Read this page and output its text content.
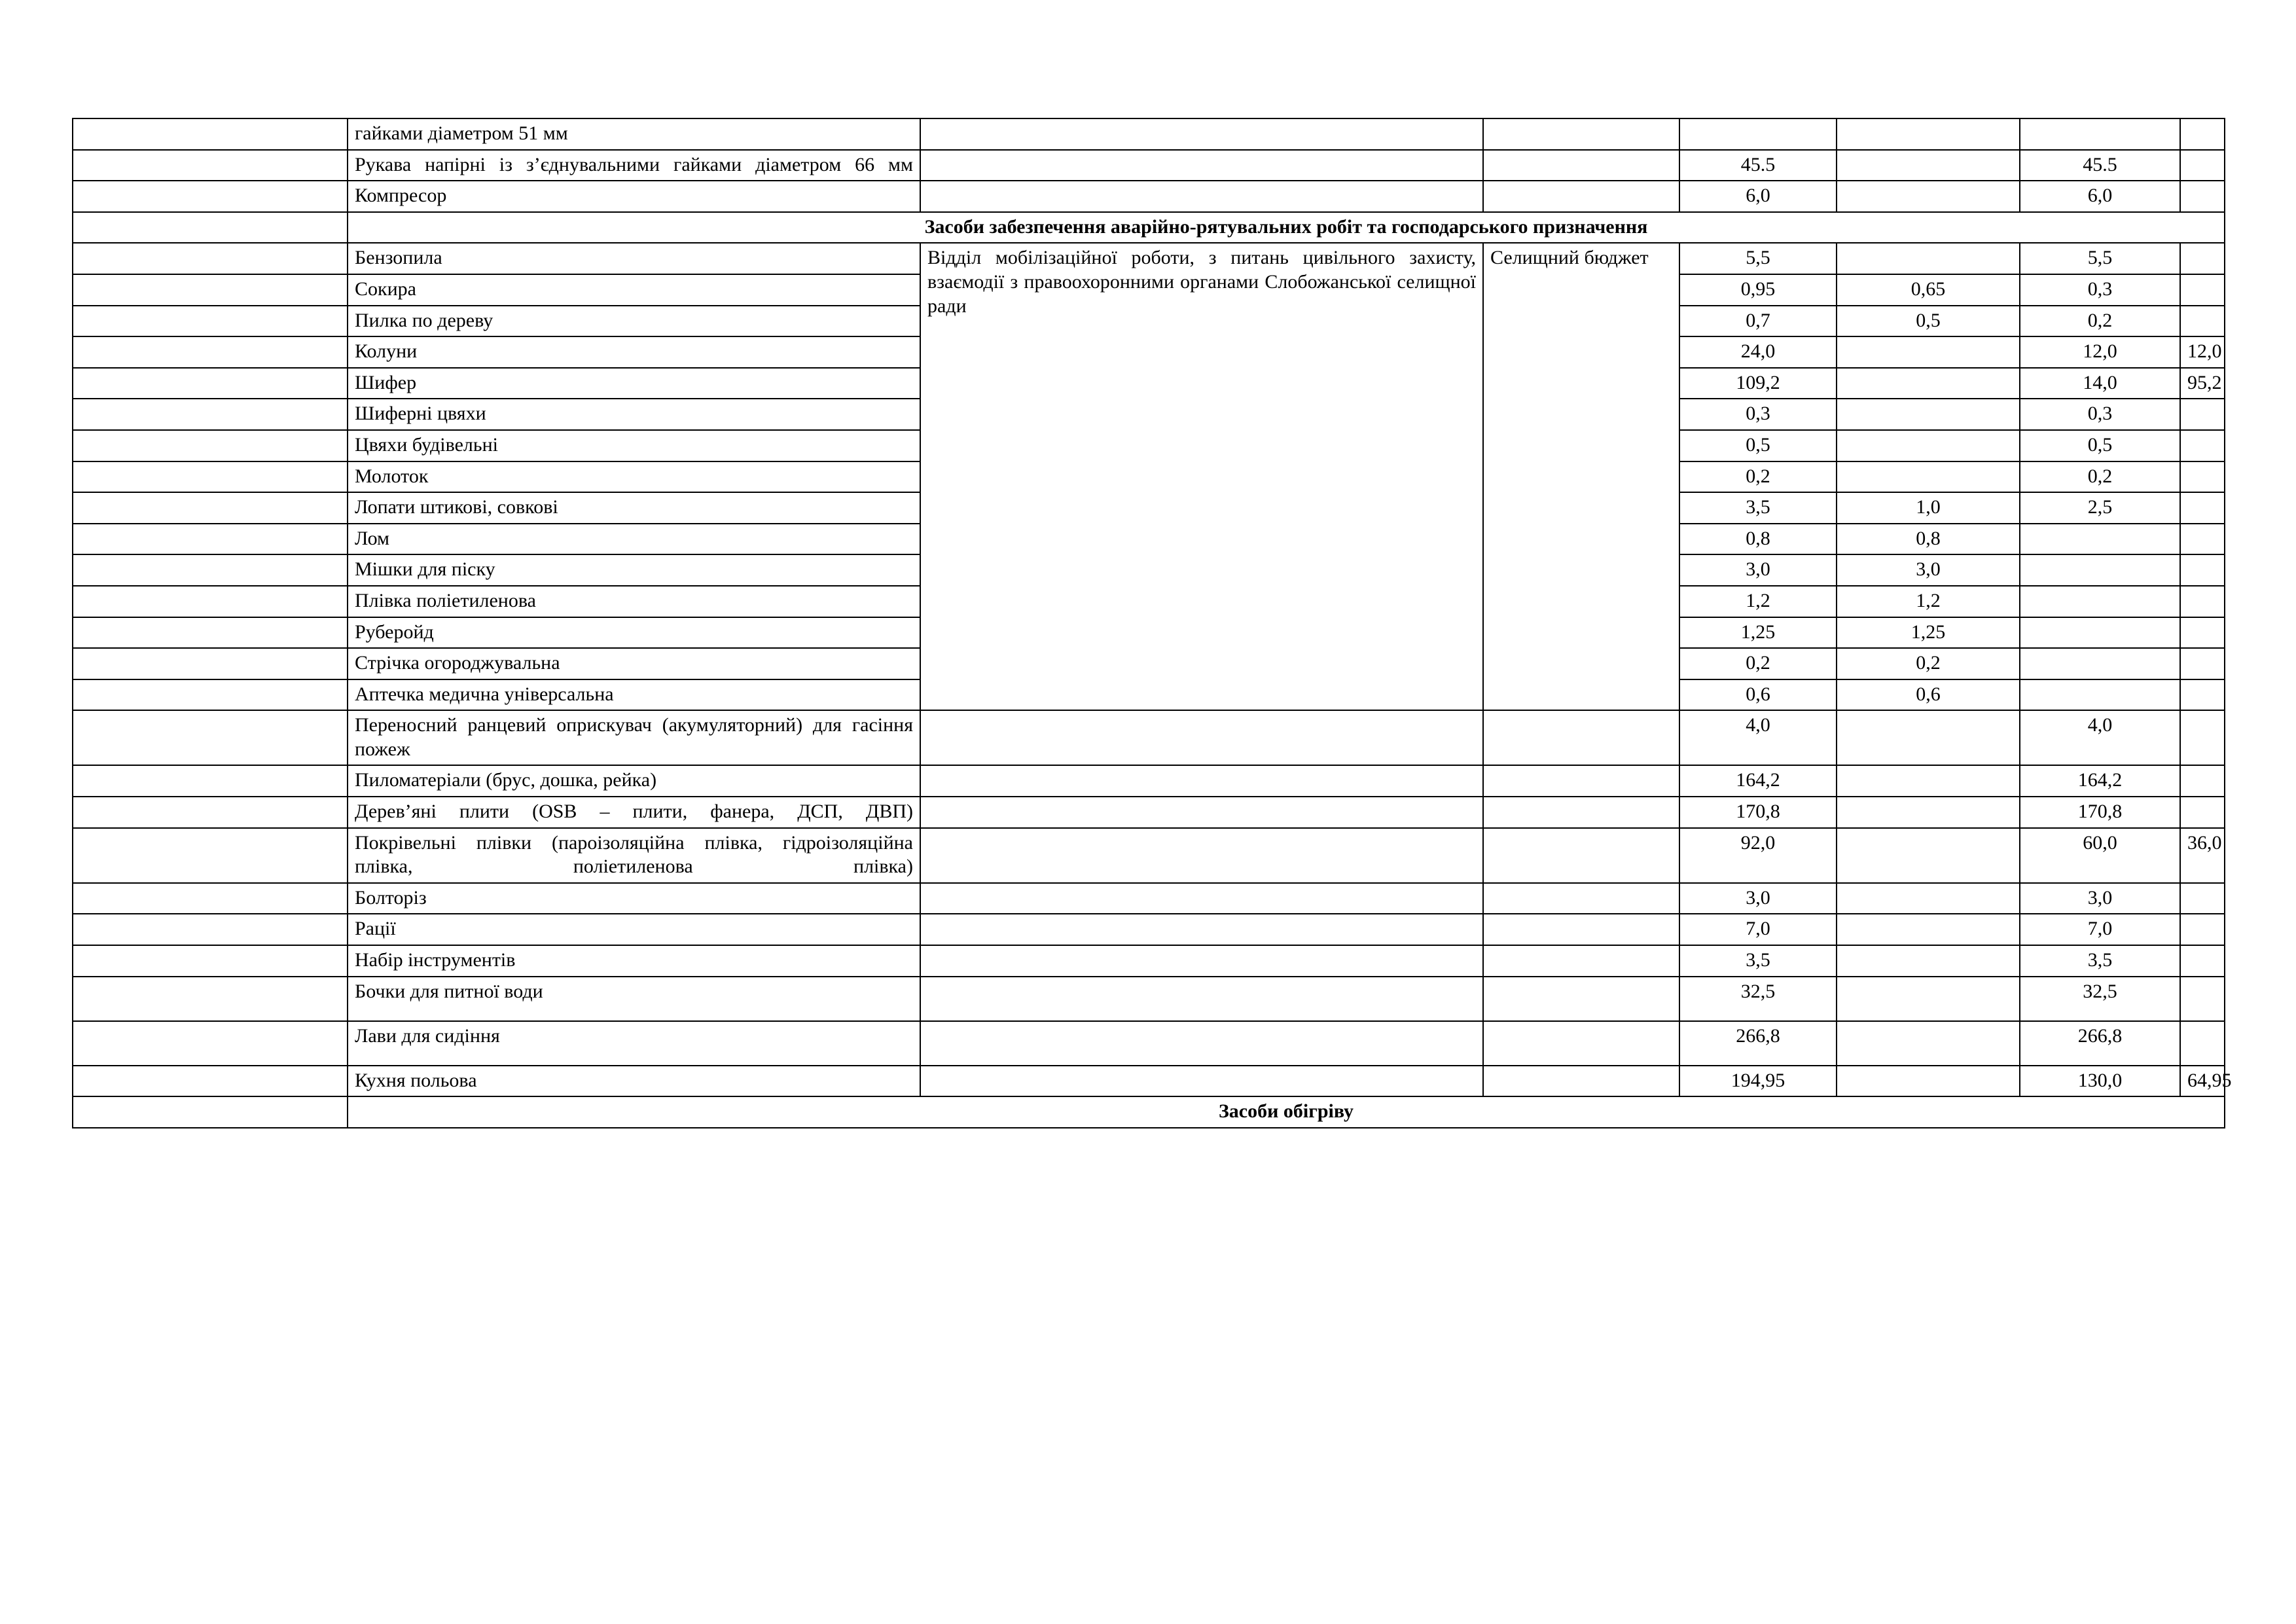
	гайками діаметром 51 мм						
	Рукава напірні із з’єднувальними гайками діаметром 66 мм			45.5		45.5	
	Компресор			6,0		6,0	
	Засоби забезпечення аварійно-рятувальних робіт та господарського призначення						
	Бензопила	Відділ мобілізаційної роботи, з питань цивільного захисту, взаємодії з правоохоронними органами Слобожанської селищної ради	Селищний бюджет	5,5		5,5	
	Сокира			0,95	0,65	0,3	
	Пилка по дереву			0,7	0,5	0,2	
	Колуни			24,0		12,0	12,0
	Шифер			109,2		14,0	95,2
	Шиферні цвяхи			0,3		0,3	
	Цвяхи будівельні			0,5		0,5	
	Молоток			0,2		0,2	
	Лопати штикові, совкові			3,5	1,0	2,5	
	Лом			0,8	0,8		
	Мішки для піску			3,0	3,0		
	Плівка поліетиленова			1,2	1,2		
	Руберойд			1,25	1,25		
	Стрічка огороджувальна			0,2	0,2		
	Аптечка медична універсальна			0,6	0,6		
	Переносний ранцевий оприскувач (акумуляторний) для гасіння пожеж			4,0		4,0	
	Пиломатеріали (брус, дошка, рейка)			164,2		164,2	
	Дерев’яні плити (OSB – плити, фанера, ДСП, ДВП)			170,8		170,8	
	Покрівельні плівки (пароізоляційна плівка, гідроізоляційна плівка, поліетиленова плівка)			92,0		60,0	36,0
	Болторіз			3,0		3,0	
	Рації			7,0		7,0	
	Набір інструментів			3,5		3,5	
	Бочки для питної води			32,5		32,5	
	Лави для сидіння			266,8		266,8	
	Кухня польова			194,95		130,0	64,95
	Засоби обігріву						
